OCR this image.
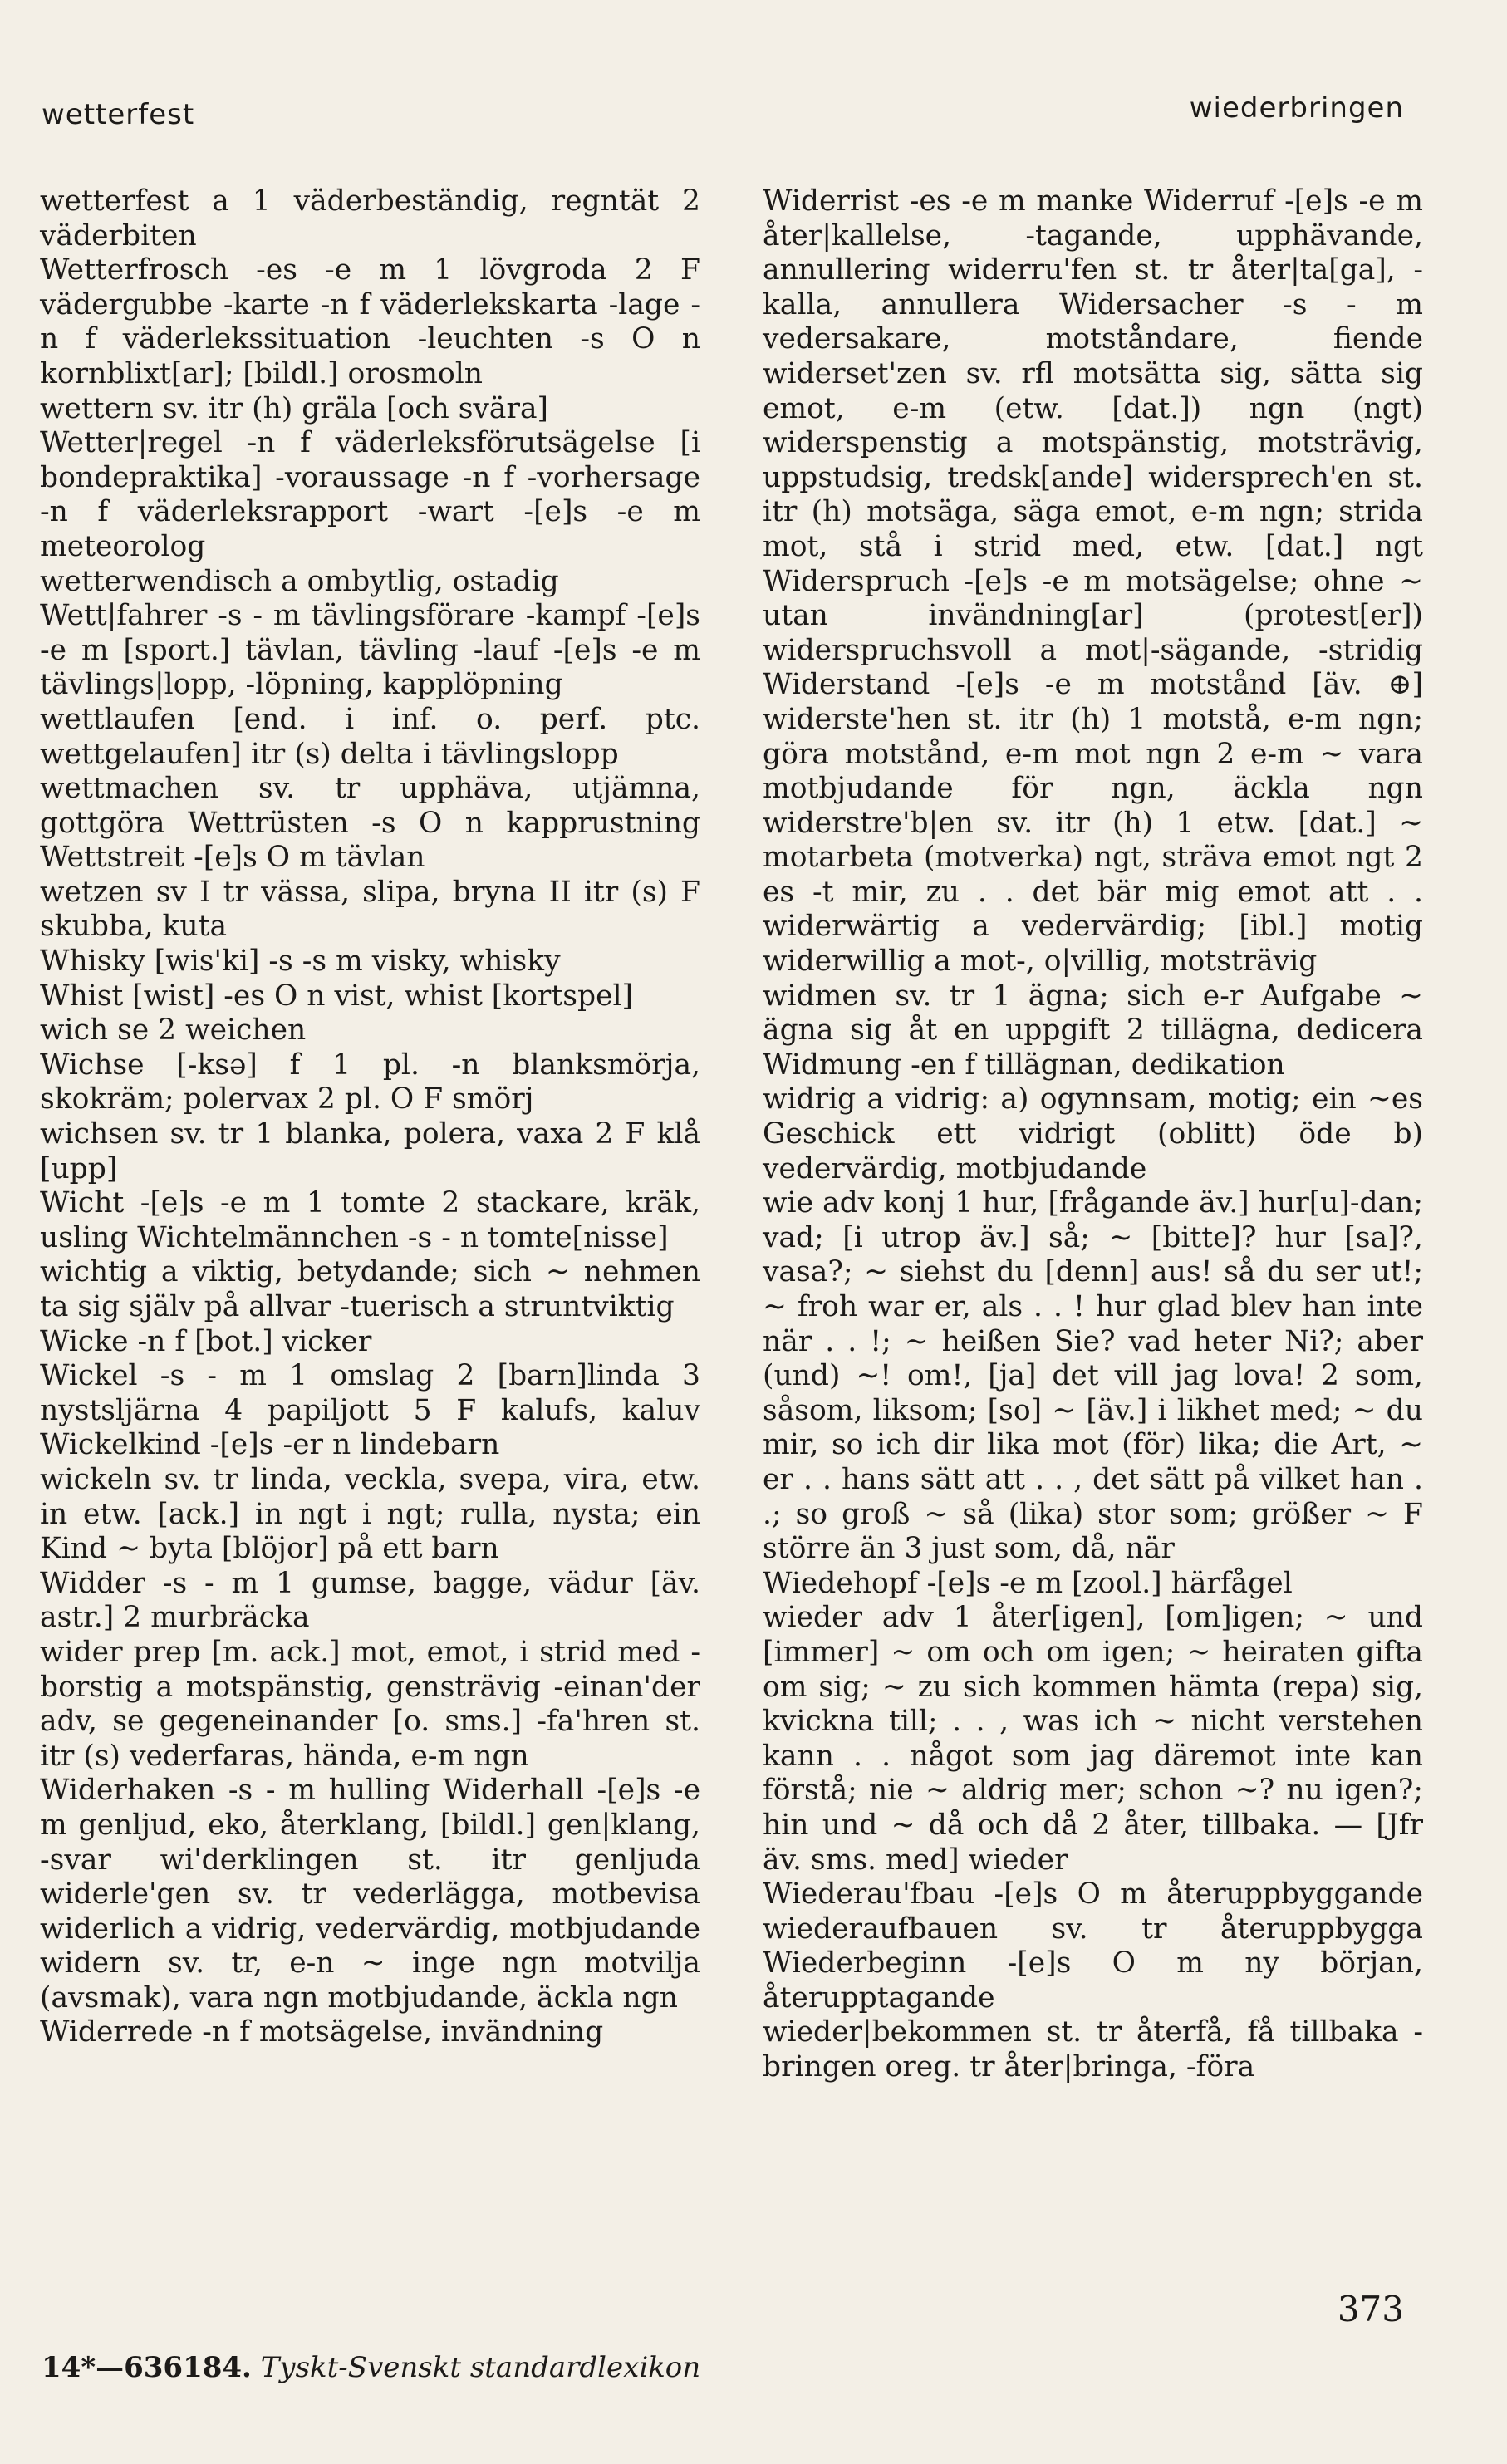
wetterfest	wiederbringen

wetterfest a 1 väderbeständig, regntät 2 väderbiten

Wetterfrosch -es -e m 1 lövgroda 2 F vädergubbe -karte -n f väderlekskarta -lage -n f väderlekssituation -leuchten -s O n kornblixt[ar]; [bildl.] orosmoln

wettern sv. itr (h) gräla [och svära]

Wetter|regel -n f väderleksförutsägelse [i bondepraktika] -voraussage -n f -vorhersage -n f väderleksrapport -wart -[e]s -e m meteorolog

wetterwendisch a ombytlig, ostadig

Wett|fahrer -s - m tävlingsförare -kampf -[e]s -e m [sport.] tävlan, tävling -lauf -[e]s -e m tävlings|lopp, -löpning, kapplöpning

wettlaufen [end. i inf. o. perf. ptc. wettgelaufen] itr (s) delta i tävlingslopp

wettmachen sv. tr upphäva, utjämna, gottgöra Wettrüsten -s O n kapprustning Wettstreit -[e]s O m tävlan

wetzen sv I tr vässa, slipa, bryna II itr (s) F skubba, kuta

Whisky [wis'ki] -s -s m visky, whisky

Whist [wist] -es O n vist, whist [kortspel]

wich se 2 weichen

Wichse [-ksə] f 1 pl. -n blanksmörja, skokräm; polervax 2 pl. O F smörj

wichsen sv. tr 1 blanka, polera, vaxa 2 F klå [upp]

Wicht -[e]s -e m 1 tomte 2 stackare, kräk, usling Wichtelmännchen -s - n tomte[nisse]

wichtig a viktig, betydande; sich ~ nehmen ta sig själv på allvar -tuerisch a struntviktig

Wicke -n f [bot.] vicker

Wickel -s - m 1 omslag 2 [barn]linda 3 nystsljärna 4 papiljott 5 F kalufs, kaluv Wickelkind -[e]s -er n lindebarn

wickeln sv. tr linda, veckla, svepa, vira, etw. in etw. [ack.] in ngt i ngt; rulla, nysta; ein Kind ~ byta [blöjor] på ett barn

Widder -s - m 1 gumse, bagge, vädur [äv. astr.] 2 murbräcka

wider prep [m. ack.] mot, emot, i strid med -borstig a motspänstig, gensträvig -einan'der adv, se gegeneinander [o. sms.] -fa'hren st. itr (s) vederfaras, hända, e-m ngn

Widerhaken -s - m hulling Widerhall -[e]s -e m genljud, eko, återklang, [bildl.] gen|klang, -svar wi'derklingen st. itr genljuda widerle'gen sv. tr vederlägga, motbevisa widerlich a vidrig, vedervärdig, motbjudande widern sv. tr, e-n ~ inge ngn motvilja (avsmak), vara ngn motbjudande, äckla ngn

Widerrede -n f motsägelse, invändning

Widerrist -es -e m manke Widerruf -[e]s -e m åter|kallelse, -tagande, upphävande, annullering widerru'fen st. tr åter|ta[ga], -kalla, annullera Widersacher -s - m vedersakare, motståndare, fiende widerset'zen sv. rfl motsätta sig, sätta sig emot, e-m (etw. [dat.]) ngn (ngt) widerspenstig a motspänstig, motsträvig, uppstudsig, tredsk[ande] widersprech'en st. itr (h) motsäga, säga emot, e-m ngn; strida mot, stå i strid med, etw. [dat.] ngt Widerspruch -[e]s -e m motsägelse; ohne ~ utan invändning[ar] (protest[er]) widerspruchsvoll a mot|-sägande, -stridig Widerstand -[e]s -e m motstånd [äv. ⊕] widerste'hen st. itr (h) 1 motstå, e-m ngn; göra motstånd, e-m mot ngn 2 e-m ~ vara motbjudande för ngn, äckla ngn widerstre'b|en sv. itr (h) 1 etw. [dat.] ~ motarbeta (motverka) ngt, sträva emot ngt 2 es -t mir, zu . . det bär mig emot att . . widerwärtig a vedervärdig; [ibl.] motig widerwillig a mot-, o|villig, motsträvig

widmen sv. tr 1 ägna; sich e-r Aufgabe ~ ägna sig åt en uppgift 2 tillägna, dedicera Widmung -en f tillägnan, dedikation

widrig a vidrig: a) ogynnsam, motig; ein ~es Geschick ett vidrigt (oblitt) öde b) vedervärdig, motbjudande

wie adv konj 1 hur, [frågande äv.] hur[u]-dan; vad; [i utrop äv.] så; ~ [bitte]? hur [sa]?, vasa?; ~ siehst du [denn] aus! så du ser ut!; ~ froh war er, als . . ! hur glad blev han inte när . . !; ~ heißen Sie? vad heter Ni?; aber (und) ~! om!, [ja] det vill jag lova! 2 som, såsom, liksom; [so] ~ [äv.] i likhet med; ~ du mir, so ich dir lika mot (för) lika; die Art, ~ er . . hans sätt att . . , det sätt på vilket han . .; so groß ~ så (lika) stor som; größer ~ F större än 3 just som, då, när

Wiedehopf -[e]s -e m [zool.] härfågel

wieder adv 1 åter[igen], [om]igen; ~ und [immer] ~ om och om igen; ~ heiraten gifta om sig; ~ zu sich kommen hämta (repa) sig, kvickna till; . . , was ich ~ nicht verstehen kann . . något som jag däremot inte kan förstå; nie ~ aldrig mer; schon ~? nu igen?; hin und ~ då och då 2 åter, tillbaka. — [Jfr äv. sms. med] wieder

Wiederau'fbau -[e]s O m återuppbyggande wiederaufbauen sv. tr återuppbygga Wiederbeginn -[e]s O m ny början, återupptagande

wieder|bekommen st. tr återfå, få tillbaka -bringen oreg. tr åter|bringa, -föra

373
14*—636184. Tyskt-Svenskt standardlexikon
